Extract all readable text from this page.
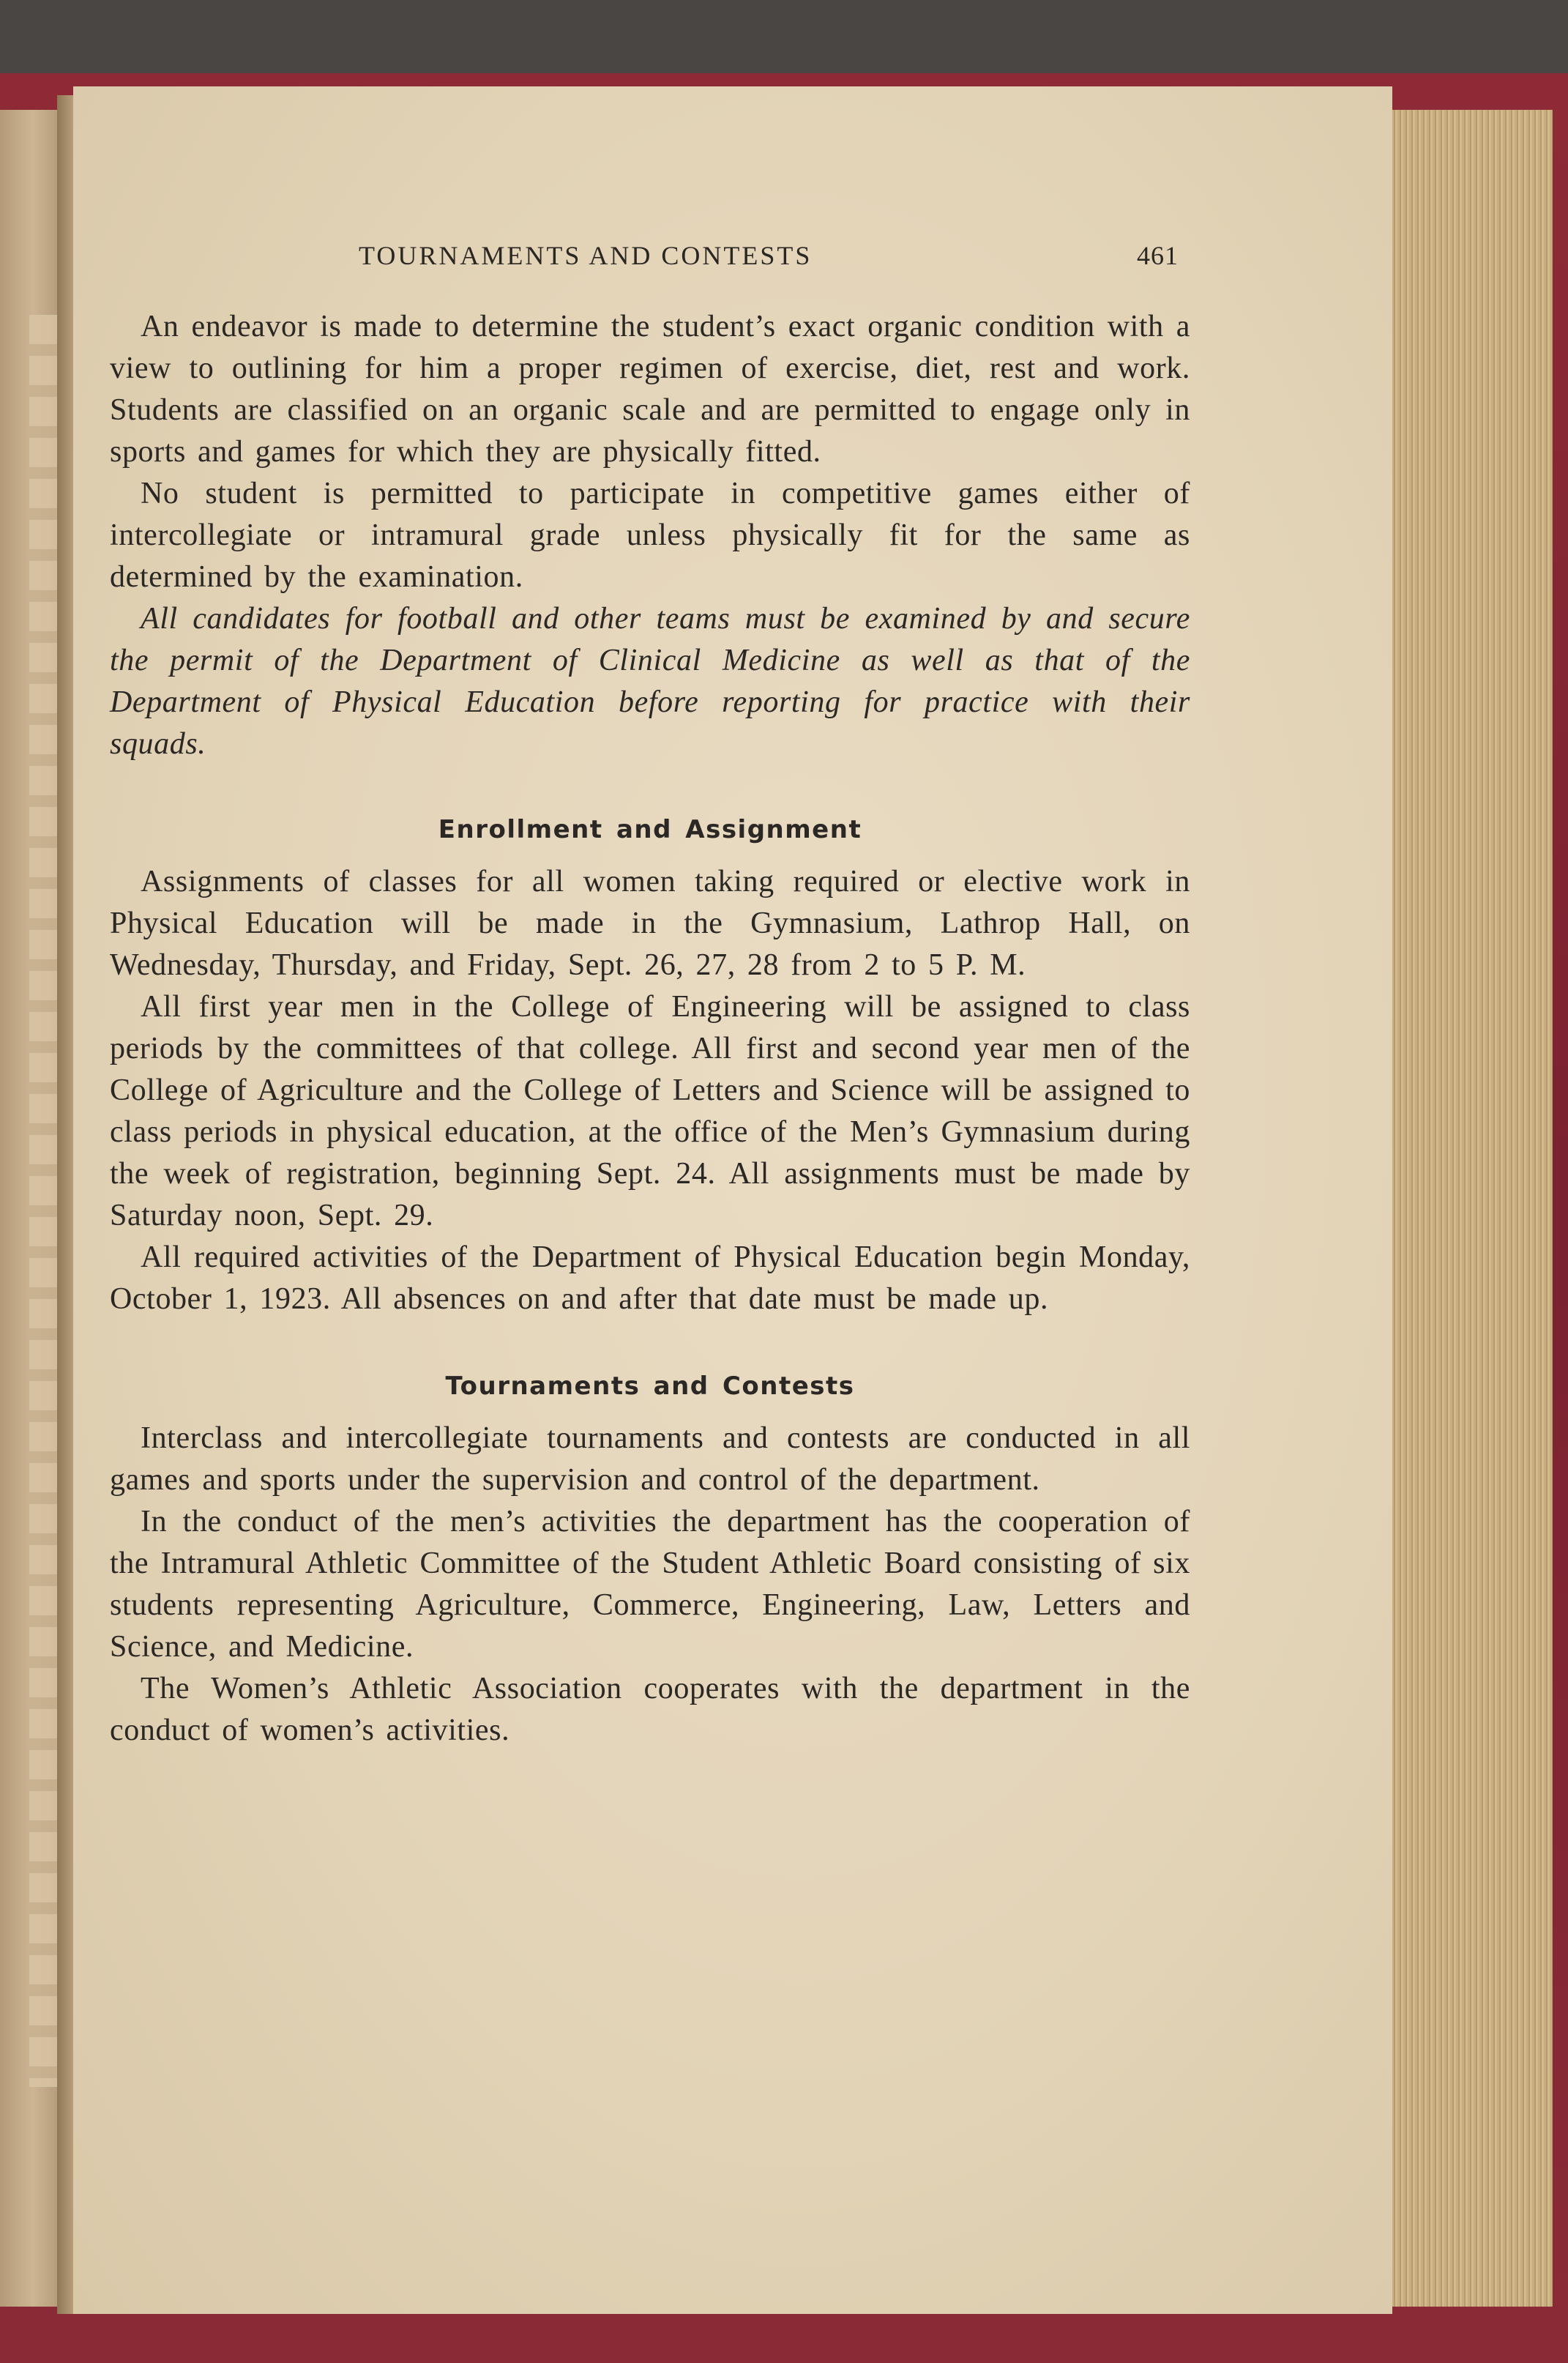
TOURNAMENTS AND CONTESTS	461

An endeavor is made to determine the student’s exact organic condition with a view to outlining for him a proper regimen of exercise, diet, rest and work. Students are classified on an organic scale and are permitted to engage only in sports and games for which they are physically fitted.

No student is permitted to participate in competitive games either of intercollegiate or intramural grade unless physically fit for the same as determined by the examination.

All candidates for football and other teams must be examined by and secure the permit of the Department of Clinical Medicine as well as that of the Department of Physical Education before reporting for practice with their squads.

Enrollment and Assignment

Assignments of classes for all women taking required or elective work in Physical Education will be made in the Gymnasium, Lathrop Hall, on Wednesday, Thursday, and Friday, Sept. 26, 27, 28 from 2 to 5 P. M.

All first year men in the College of Engineering will be assigned to class periods by the committees of that college. All first and second year men of the College of Agriculture and the College of Letters and Science will be assigned to class periods in physical education, at the office of the Men’s Gymnasium during the week of registration, beginning Sept. 24. All assignments must be made by Saturday noon, Sept. 29.

All required activities of the Department of Physical Education begin Monday, October 1, 1923. All absences on and after that date must be made up.

Tournaments and Contests

Interclass and intercollegiate tournaments and contests are conducted in all games and sports under the supervision and control of the department.

In the conduct of the men’s activities the department has the cooperation of the Intramural Athletic Committee of the Student Athletic Board consisting of six students representing Agriculture, Commerce, Engineering, Law, Letters and Science, and Medicine.

The Women’s Athletic Association cooperates with the department in the conduct of women’s activities.
